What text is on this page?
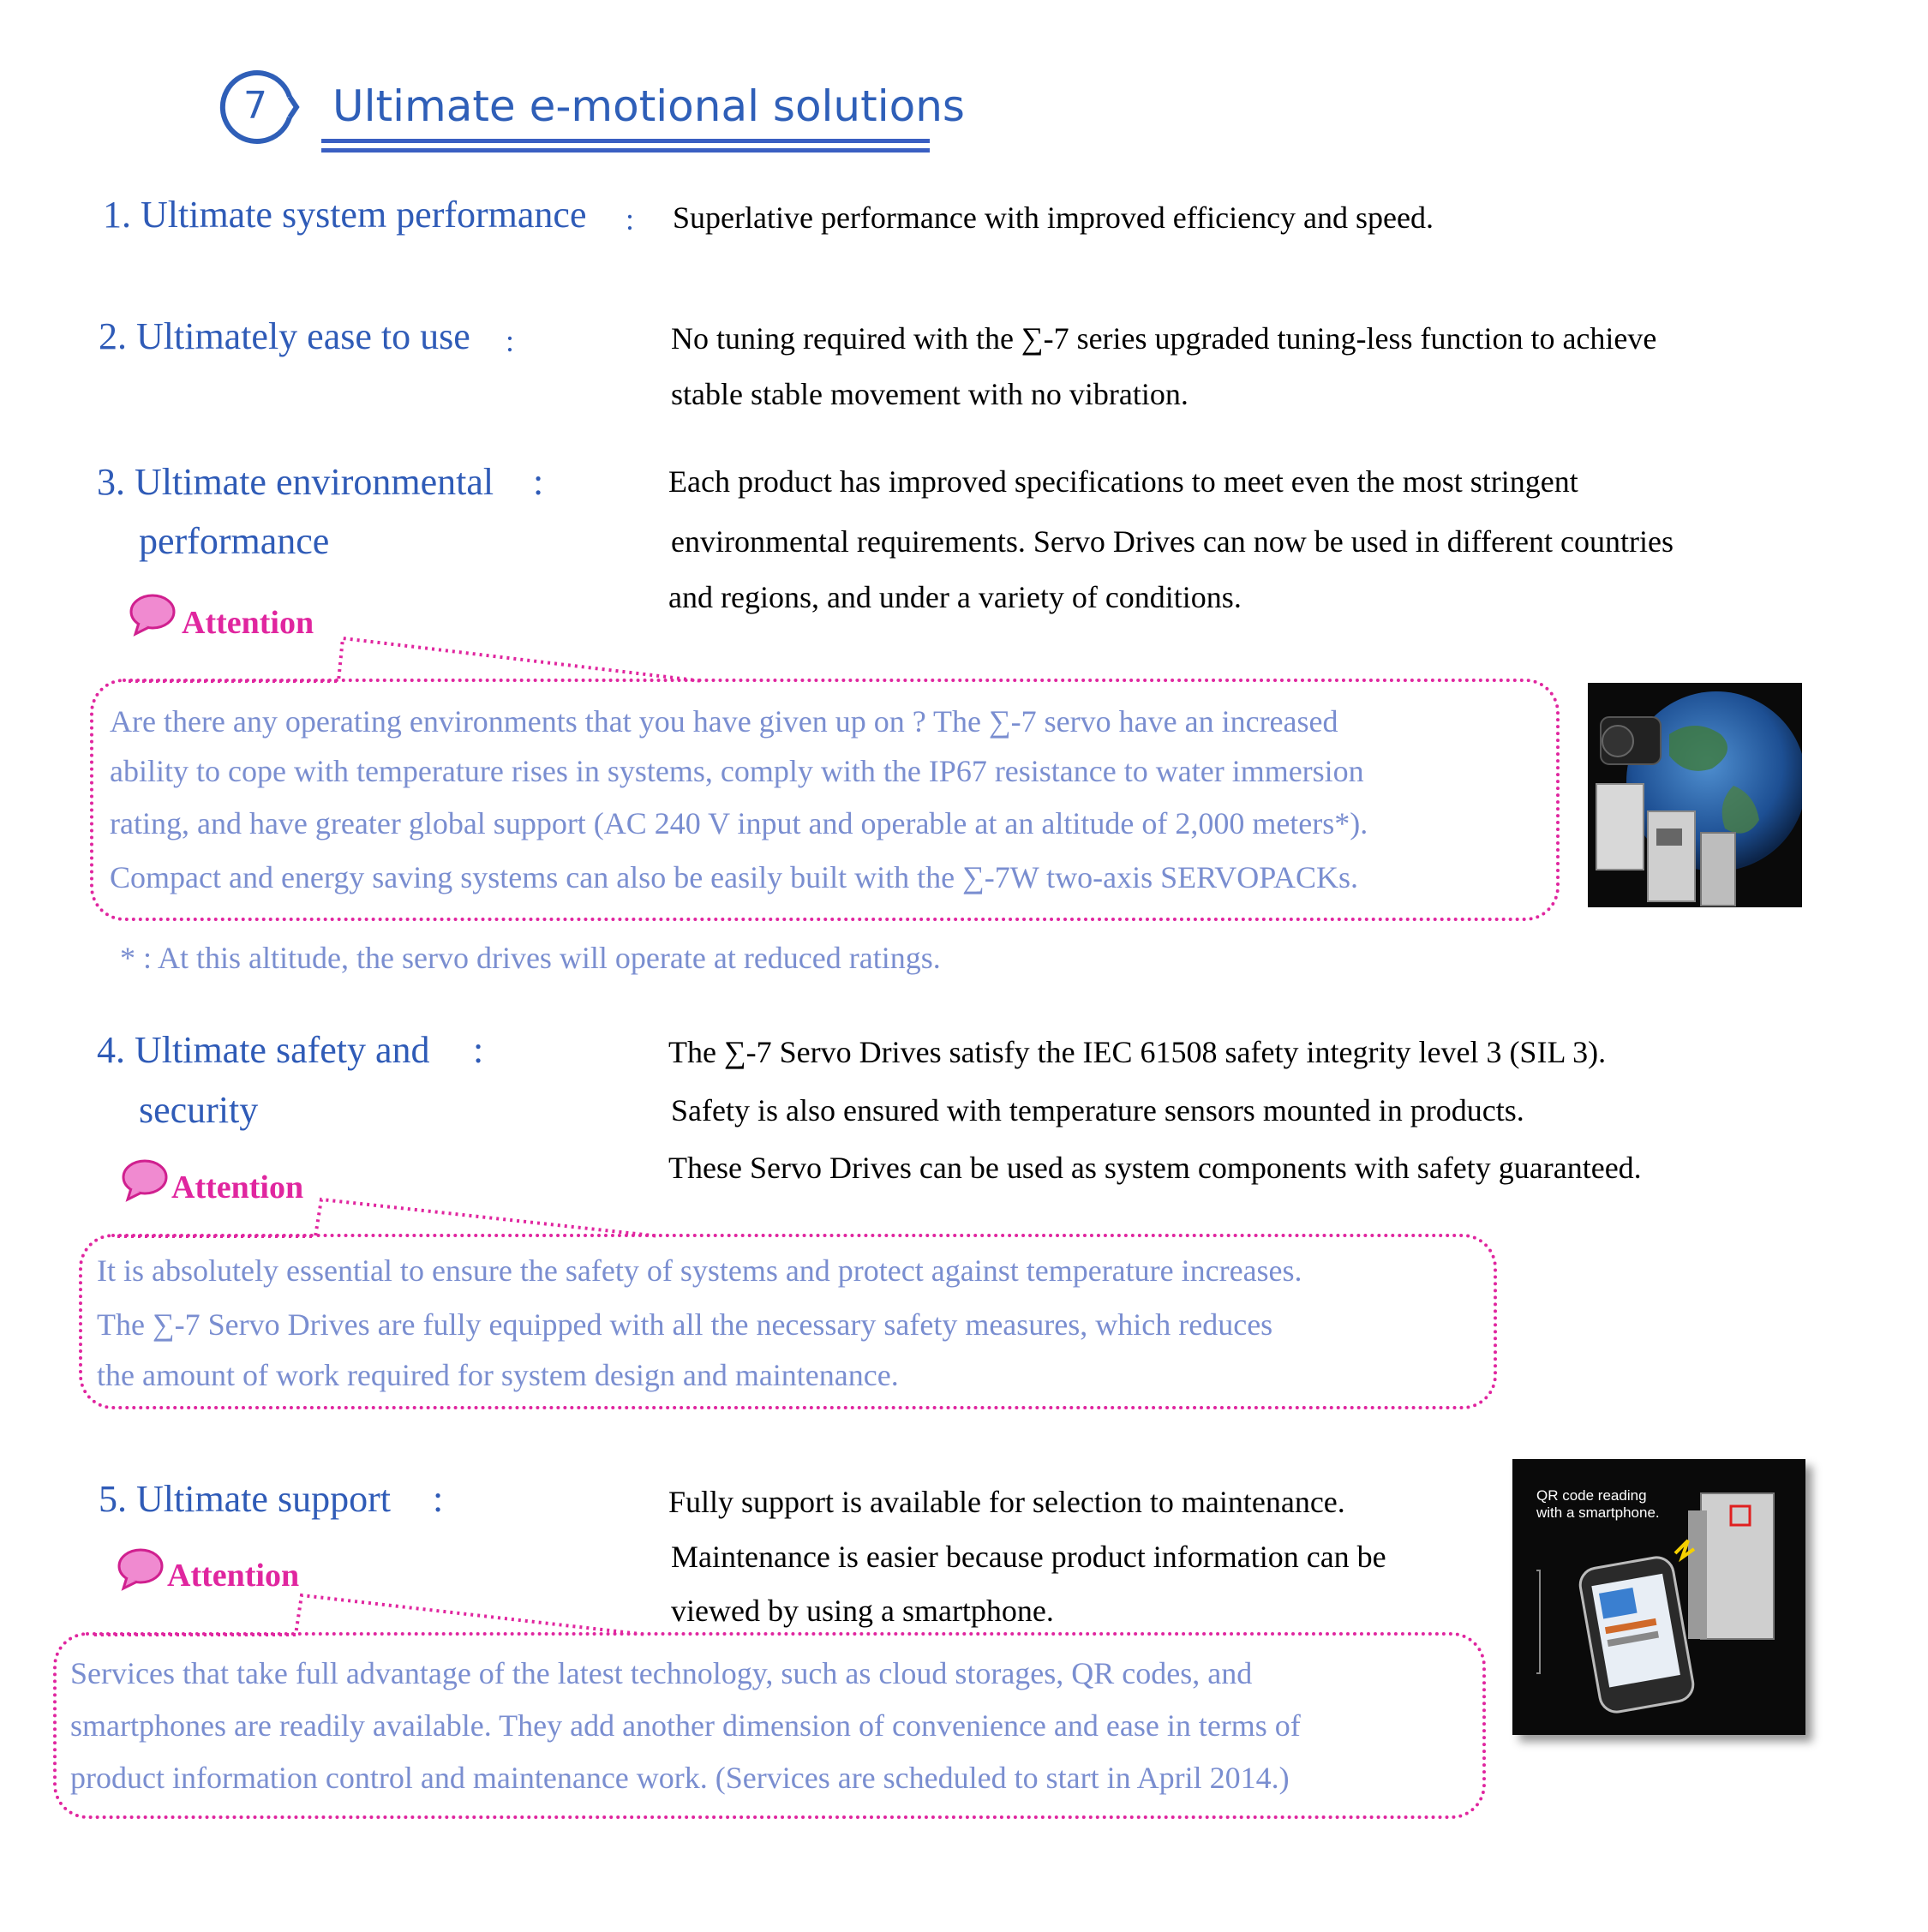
7 Ultimate e-motional solutions
1. Ultimate system performance : Superlative performance with improved efficiency and speed.
2. Ultimately ease to use :	No tuning required with the ∑-7 series upgraded tuning-less function to achieve
stable stable movement with no vibration.
3. Ultimate environmental :
performance
Each product has improved specifications to meet even the most stringent
environmental requirements. Servo Drives can now be used in different countries
and regions, and under a variety of conditions.
Attention
Are there any operating environments that you have given up on ? The ∑-7 servo have an increased
ability to cope with temperature rises in systems, comply with the IP67 resistance to water immersion
rating, and have greater global support (AC 240 V input and operable at an altitude of 2,000 meters*).
Compact and energy saving systems can also be easily built with the ∑-7W two-axis SERVOPACKs.
* : At this altitude, the servo drives will operate at reduced ratings.
4. Ultimate safety and :
security
The ∑-7 Servo Drives satisfy the IEC 61508 safety integrity level 3 (SIL 3).
Safety is also ensured with temperature sensors mounted in products.
These Servo Drives can be used as system components with safety guaranteed.
Attention
It is absolutely essential to ensure the safety of systems and protect against temperature increases.
The ∑-7 Servo Drives are fully equipped with all the necessary safety measures, which reduces
the amount of work required for system design and maintenance.
5. Ultimate support :	Fully support is available for selection to maintenance.
Maintenance is easier because product information can be
viewed by using a smartphone.
Attention
Services that take full advantage of the latest technology, such as cloud storages, QR codes, and
smartphones are readily available. They add another dimension of convenience and ease in terms of
product information control and maintenance work. (Services are scheduled to start in April 2014.)
QR code reading
with a smartphone.
